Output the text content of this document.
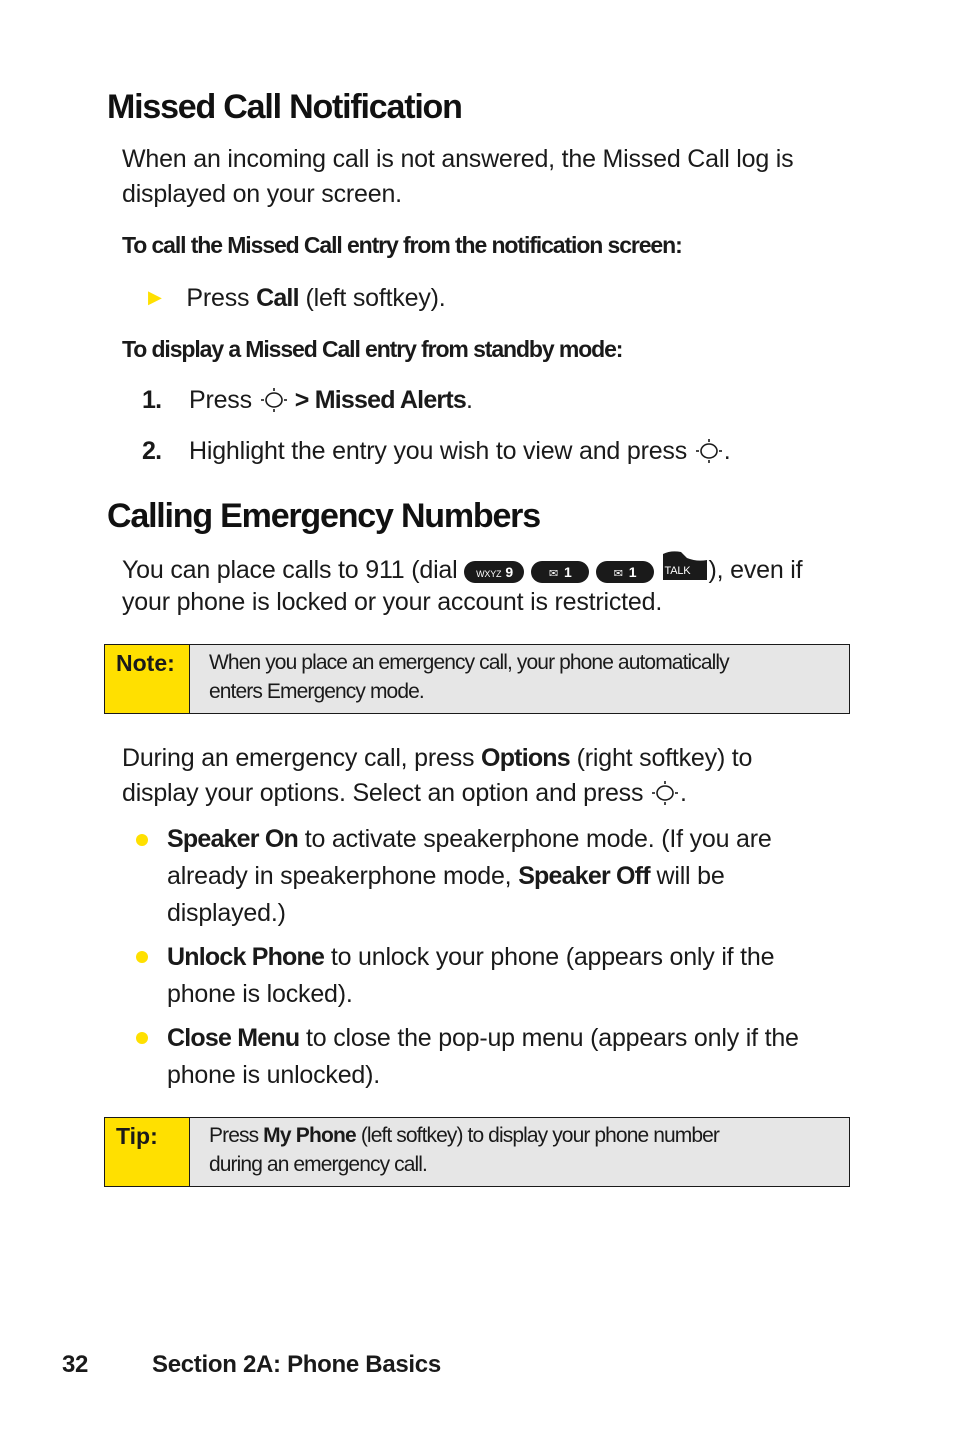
Missed Call Notification
When an incoming call is not answered, the Missed Call log is
displayed on your screen.
To call the Missed Call entry from the notification screen:
▶ Press Call (left softkey).
To display a Missed Call entry from standby mode:
1. Press  > Missed Alerts.
2. Highlight the entry you wish to view and press .
Calling Emergency Numbers
You can place calls to 911 (dial WXYZ 9	✉ 1	✉ 1	TALK ), even if
your phone is locked or your account is restricted.
Note:	When you place an emergency call, your phone automatically
enters Emergency mode.
During an emergency call, press Options (right softkey) to
display your options. Select an option and press .
Speaker On to activate speakerphone mode. (If you are
already in speakerphone mode, Speaker Off will be
displayed.)
Unlock Phone to unlock your phone (appears only if the
phone is locked).
Close Menu to close the pop-up menu (appears only if the
phone is unlocked).
Tip:	Press My Phone (left softkey) to display your phone number
during an emergency call.
32	Section 2A: Phone Basics
